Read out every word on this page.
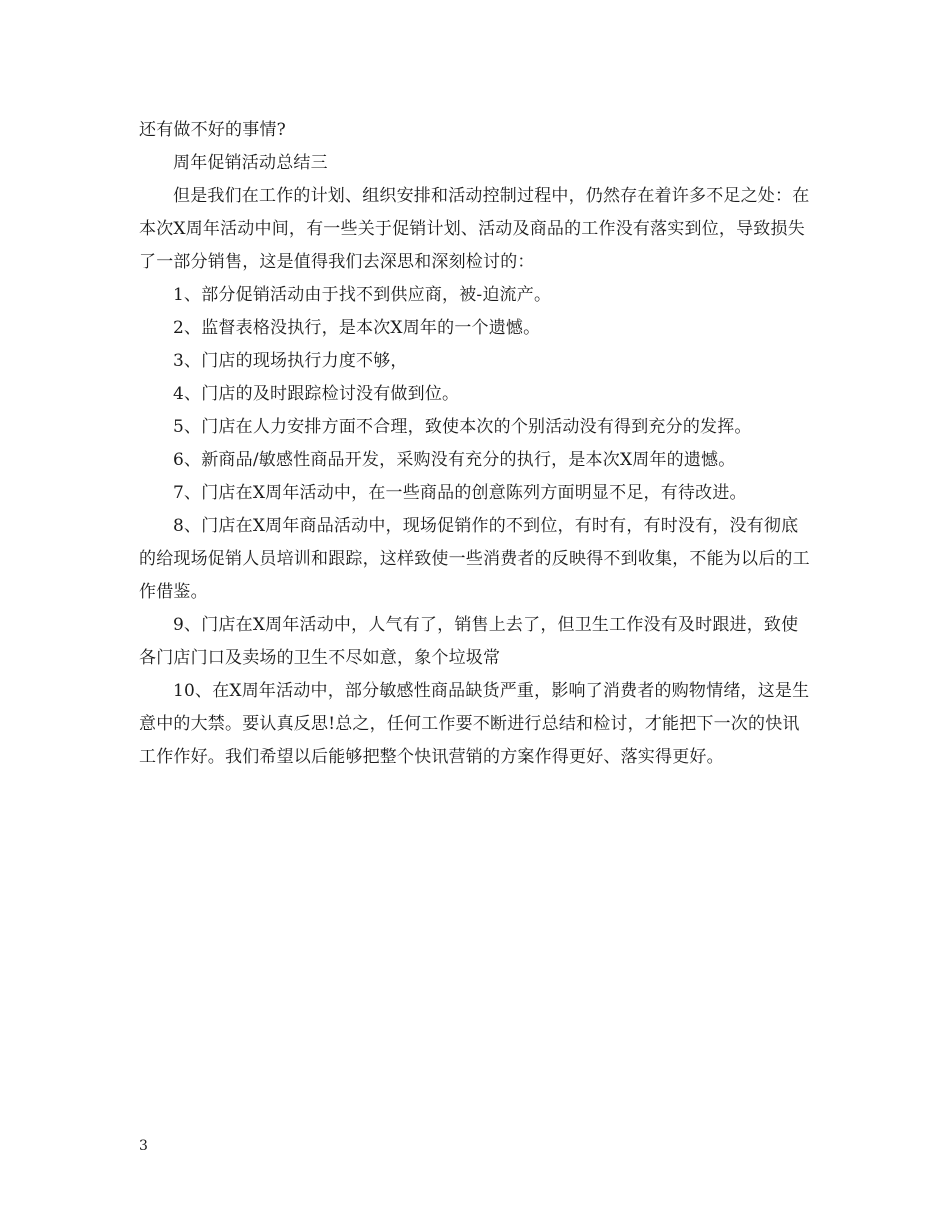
还有做不好的事情?

周年促销活动总结三

但是我们在工作的计划、组织安排和活动控制过程中，仍然存在着许多不足之处：在本次X周年活动中间，有一些关于促销计划、活动及商品的工作没有落实到位，导致损失了一部分销售，这是值得我们去深思和深刻检讨的：

1、部分促销活动由于找不到供应商，被-迫流产。

2、监督表格没执行，是本次X周年的一个遗憾。

3、门店的现场执行力度不够，

4、门店的及时跟踪检讨没有做到位。

5、门店在人力安排方面不合理，致使本次的个别活动没有得到充分的发挥。

6、新商品/敏感性商品开发，采购没有充分的执行，是本次X周年的遗憾。

7、门店在X周年活动中，在一些商品的创意陈列方面明显不足，有待改进。

8、门店在X周年商品活动中，现场促销作的不到位，有时有，有时没有，没有彻底的给现场促销人员培训和跟踪，这样致使一些消费者的反映得不到收集，不能为以后的工作借鉴。

9、门店在X周年活动中，人气有了，销售上去了，但卫生工作没有及时跟进，致使各门店门口及卖场的卫生不尽如意，象个垃圾常

10、在X周年活动中，部分敏感性商品缺货严重，影响了消费者的购物情绪，这是生意中的大禁。要认真反思!总之，任何工作要不断进行总结和检讨，才能把下一次的快讯工作作好。我们希望以后能够把整个快讯营销的方案作得更好、落实得更好。

3
